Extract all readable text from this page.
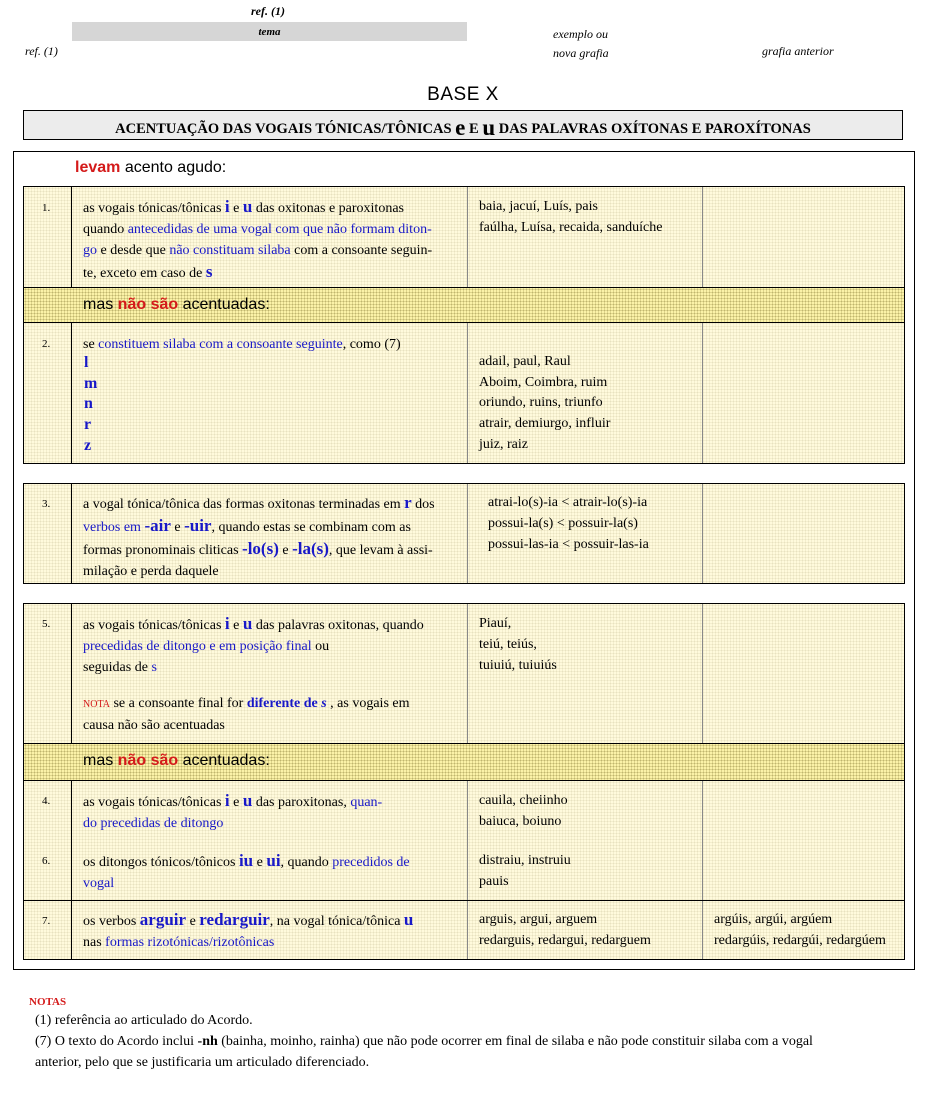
ref. (1)
tema
ref. (1)
exemplo ou
nova grafia	grafia anterior
BASE X
ACENTUAÇÃO DAS VOGAIS TÓNICAS/TÔNICAS e E u DAS PALAVRAS OXÍTONAS E PAROXÍTONAS
levam acento agudo:
1. as vogais tónicas/tônicas i e u das oxitonas e paroxitonas
quando antecedidas de uma vogal com que não formam diton-
go e desde que não constituam silaba com a consoante seguin-
te, exceto em caso de s
baia, jacuí, Luís, pais
faúlha, Luísa, recaida, sanduíche
mas não são acentuadas:
2. se constituem silaba com a consoante seguinte, como (7)
l
m
n
r
z
adail, paul, Raul
Aboim, Coimbra, ruim
oriundo, ruins, triunfo
atrair, demiurgo, influir
juiz, raiz
3. a vogal tónica/tônica das formas oxitonas terminadas em r dos
verbos em -air e -uir, quando estas se combinam com as
formas pronominais cliticas -lo(s) e -la(s), que levam à assi-
milação e perda daquele
atrai-lo(s)-ia < atrair-lo(s)-ia
possui-la(s) < possuir-la(s)
possui-las-ia < possuir-las-ia
5. as vogais tónicas/tônicas i e u das palavras oxitonas, quando
precedidas de ditongo e em posição final ou
seguidas de s
NOTA se a consoante final for diferente de s , as vogais em
causa não são acentuadas
Piauí,
teiú, teiús,
tuiuiú, tuiuiús
mas não são acentuadas:
4. as vogais tónicas/tônicas i e u das paroxitonas, quan-
do precedidas de ditongo
cauila, cheiinho
baiuca, boiuno
6. os ditongos tónicos/tônicos iu e ui, quando precedidos de
vogal
distraiu, instruiu
pauis
7. os verbos arguir e redarguir, na vogal tónica/tônica u
nas formas rizotónicas/rizotônicas
arguis, argui, arguem
redarguis, redargui, redarguem
argúis, argúi, argúem
redargúis, redargúi, redargúem
NOTAS
(1) referência ao articulado do Acordo.
(7) O texto do Acordo inclui -nh (bainha, moinho, rainha) que não pode ocorrer em final de silaba e não pode constituir silaba com a vogal
anterior, pelo que se justificaria um articulado diferenciado.
